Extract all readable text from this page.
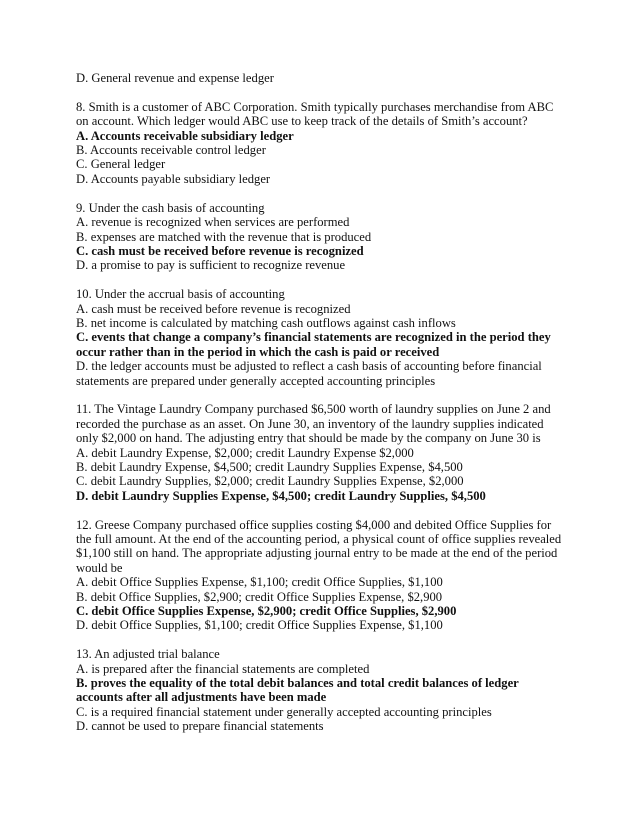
D. General revenue and expense ledger
8. Smith is a customer of ABC Corporation. Smith typically purchases merchandise from ABC
on account. Which ledger would ABC use to keep track of the details of Smith’s account?
A. Accounts receivable subsidiary ledger
B. Accounts receivable control ledger
C. General ledger
D. Accounts payable subsidiary ledger
9. Under the cash basis of accounting
A. revenue is recognized when services are performed
B. expenses are matched with the revenue that is produced
C. cash must be received before revenue is recognized
D. a promise to pay is sufficient to recognize revenue
10. Under the accrual basis of accounting
A. cash must be received before revenue is recognized
B. net income is calculated by matching cash outflows against cash inflows
C. events that change a company’s financial statements are recognized in the period they
occur rather than in the period in which the cash is paid or received
D. the ledger accounts must be adjusted to reflect a cash basis of accounting before financial
statements are prepared under generally accepted accounting principles
11. The Vintage Laundry Company purchased $6,500 worth of laundry supplies on June 2 and
recorded the purchase as an asset. On June 30, an inventory of the laundry supplies indicated
only $2,000 on hand. The adjusting entry that should be made by the company on June 30 is
A. debit Laundry Expense, $2,000; credit Laundry Expense $2,000
B. debit Laundry Expense, $4,500; credit Laundry Supplies Expense, $4,500
C. debit Laundry Supplies, $2,000; credit Laundry Supplies Expense, $2,000
D. debit Laundry Supplies Expense, $4,500; credit Laundry Supplies, $4,500
12. Greese Company purchased office supplies costing $4,000 and debited Office Supplies for
the full amount. At the end of the accounting period, a physical count of office supplies revealed
$1,100 still on hand. The appropriate adjusting journal entry to be made at the end of the period
would be
A. debit Office Supplies Expense, $1,100; credit Office Supplies, $1,100
B. debit Office Supplies, $2,900; credit Office Supplies Expense, $2,900
C. debit Office Supplies Expense, $2,900; credit Office Supplies, $2,900
D. debit Office Supplies, $1,100; credit Office Supplies Expense, $1,100
13. An adjusted trial balance
A. is prepared after the financial statements are completed
B. proves the equality of the total debit balances and total credit balances of ledger
accounts after all adjustments have been made
C. is a required financial statement under generally accepted accounting principles
D. cannot be used to prepare financial statements
